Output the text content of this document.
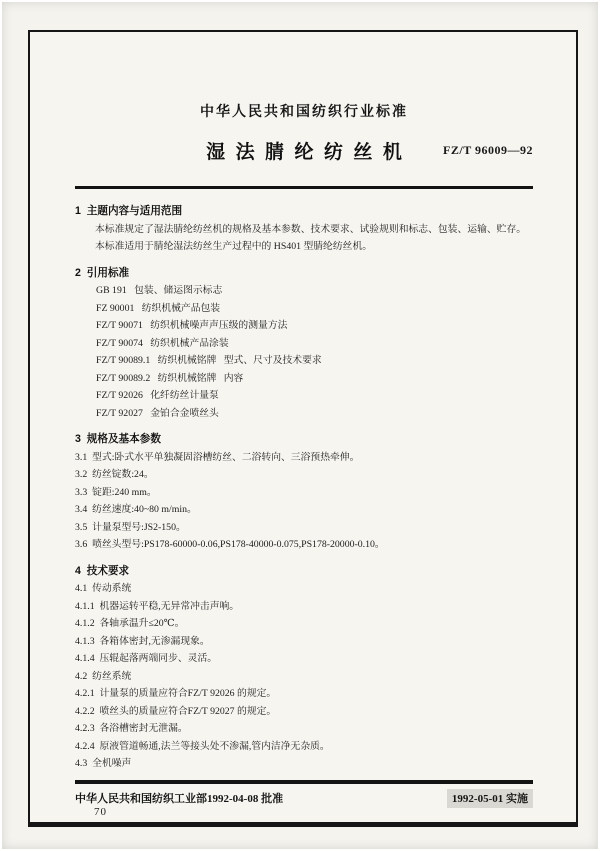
中华人民共和国纺织行业标准
湿法腈纶纺丝机	FZ/T 96009—92
1  主题内容与适用范围
本标准规定了湿法腈纶纺丝机的规格及基本参数、技术要求、试验规则和标志、包装、运输、贮存。
本标准适用于腈纶湿法纺丝生产过程中的 HS401 型腈纶纺丝机。
2  引用标准
GB 191   包装、储运图示标志
FZ 90001   纺织机械产品包装
FZ/T 90071   纺织机械噪声声压级的测量方法
FZ/T 90074   纺织机械产品涂装
FZ/T 90089.1   纺织机械铭牌   型式、尺寸及技术要求
FZ/T 90089.2   纺织机械铭牌   内容
FZ/T 92026   化纤纺丝计量泵
FZ/T 92027   金铂合金喷丝头
3  规格及基本参数
3.1  型式:卧式水平单独凝固浴槽纺丝、二浴转向、三浴预热牵伸。
3.2  纺丝锭数:24。
3.3  锭距:240 mm。
3.4  纺丝速度:40~80 m/min。
3.5  计量泵型号:JS2-150。
3.6  喷丝头型号:PS178-60000-0.06,PS178-40000-0.075,PS178-20000-0.10。
4  技术要求
4.1  传动系统
4.1.1  机器运转平稳,无异常冲击声响。
4.1.2  各轴承温升≤20℃。
4.1.3  各箱体密封,无渗漏现象。
4.1.4  压辊起落两端同步、灵活。
4.2  纺丝系统
4.2.1  计量泵的质量应符合FZ/T 92026 的规定。
4.2.2  喷丝头的质量应符合FZ/T 92027 的规定。
4.2.3  各浴槽密封无泄漏。
4.2.4  原液管道畅通,法兰等接头处不渗漏,管内洁净无杂质。
4.3  全机噪声
中华人民共和国纺织工业部1992-04-08 批准	1992-05-01 实施
70
